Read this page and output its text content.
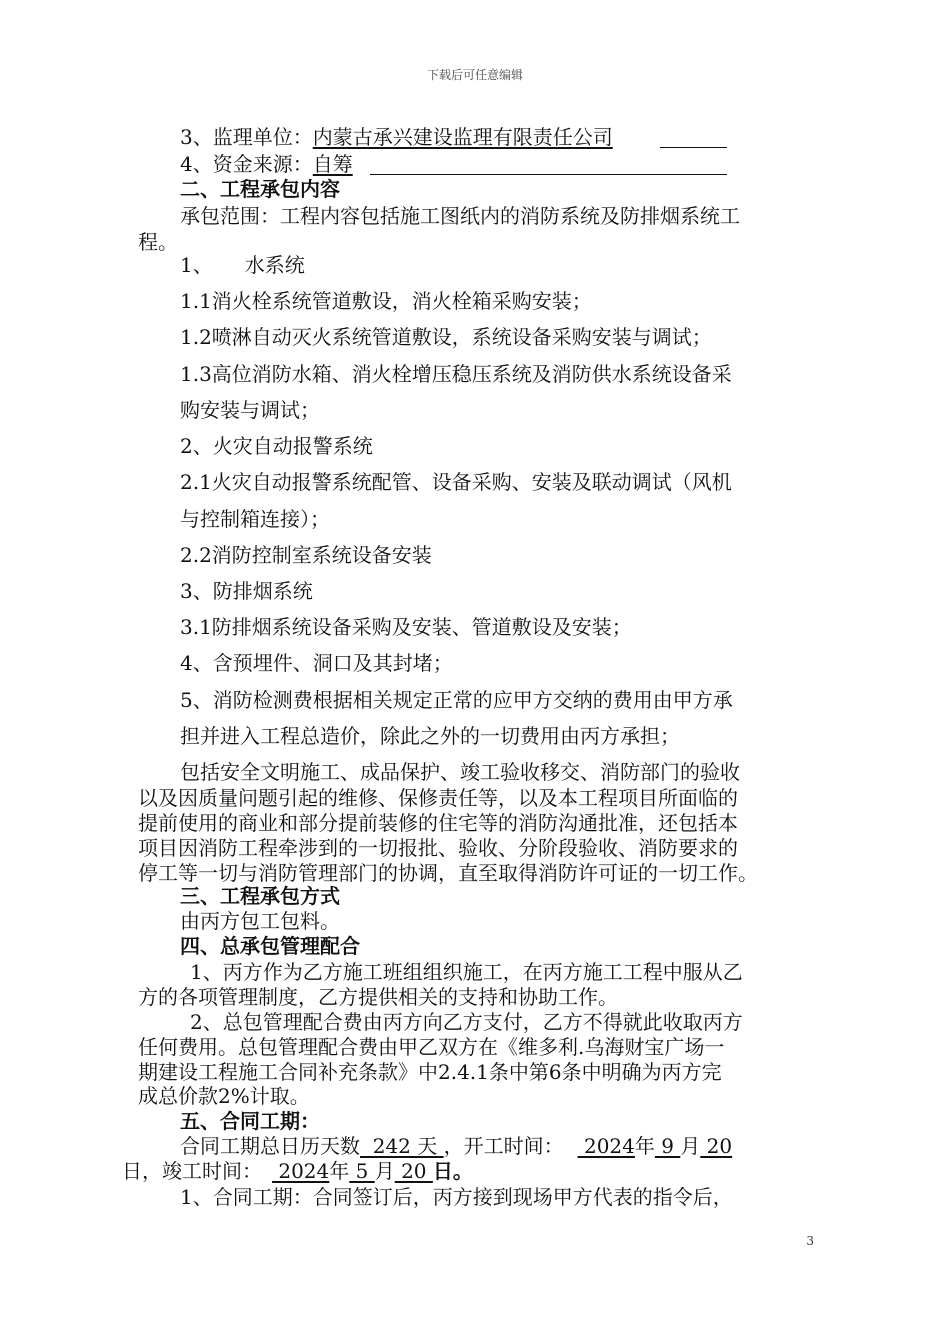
下载后可任意编辑
3、监理单位：内蒙古承兴建设监理有限责任公司
4、资金来源：自筹
二、工程承包内容
承包范围：工程内容包括施工图纸内的消防系统及防排烟系统工
程。
1、 水系统
1.1消火栓系统管道敷设，消火栓箱采购安装；
1.2喷淋自动灭火系统管道敷设，系统设备采购安装与调试；
1.3高位消防水箱、消火栓增压稳压系统及消防供水系统设备采
购安装与调试；
2、火灾自动报警系统
2.1火灾自动报警系统配管、设备采购、安装及联动调试（风机
与控制箱连接）；
2.2消防控制室系统设备安装
3、防排烟系统
3.1防排烟系统设备采购及安装、管道敷设及安装；
4、含预埋件、洞口及其封堵；
5、消防检测费根据相关规定正常的应甲方交纳的费用由甲方承
担并进入工程总造价，除此之外的一切费用由丙方承担；
包括安全文明施工、成品保护、竣工验收移交、消防部门的验收
以及因质量问题引起的维修、保修责任等，以及本工程项目所面临的
提前使用的商业和部分提前装修的住宅等的消防沟通批准，还包括本
项目因消防工程牵涉到的一切报批、验收、分阶段验收、消防要求的
停工等一切与消防管理部门的协调，直至取得消防许可证的一切工作。
三、工程承包方式
由丙方包工包料。
四、总承包管理配合
1、丙方作为乙方施工班组组织施工，在丙方施工工程中服从乙
方的各项管理制度，乙方提供相关的支持和协助工作。
2、总包管理配合费由丙方向乙方支付，乙方不得就此收取丙方
任何费用。总包管理配合费由甲乙双方在《维多利.乌海财宝广场一
期建设工程施工合同补充条款》中2.4.1条中第6条中明确为丙方完
成总价款2%计取。
五、合同工期：
合同工期总日历天数  242 天 ，开工时间： 2024年 9 月 20
日，竣工时间： 2024年 5 月 20 日。
1、合同工期：合同签订后，丙方接到现场甲方代表的指令后，
3
